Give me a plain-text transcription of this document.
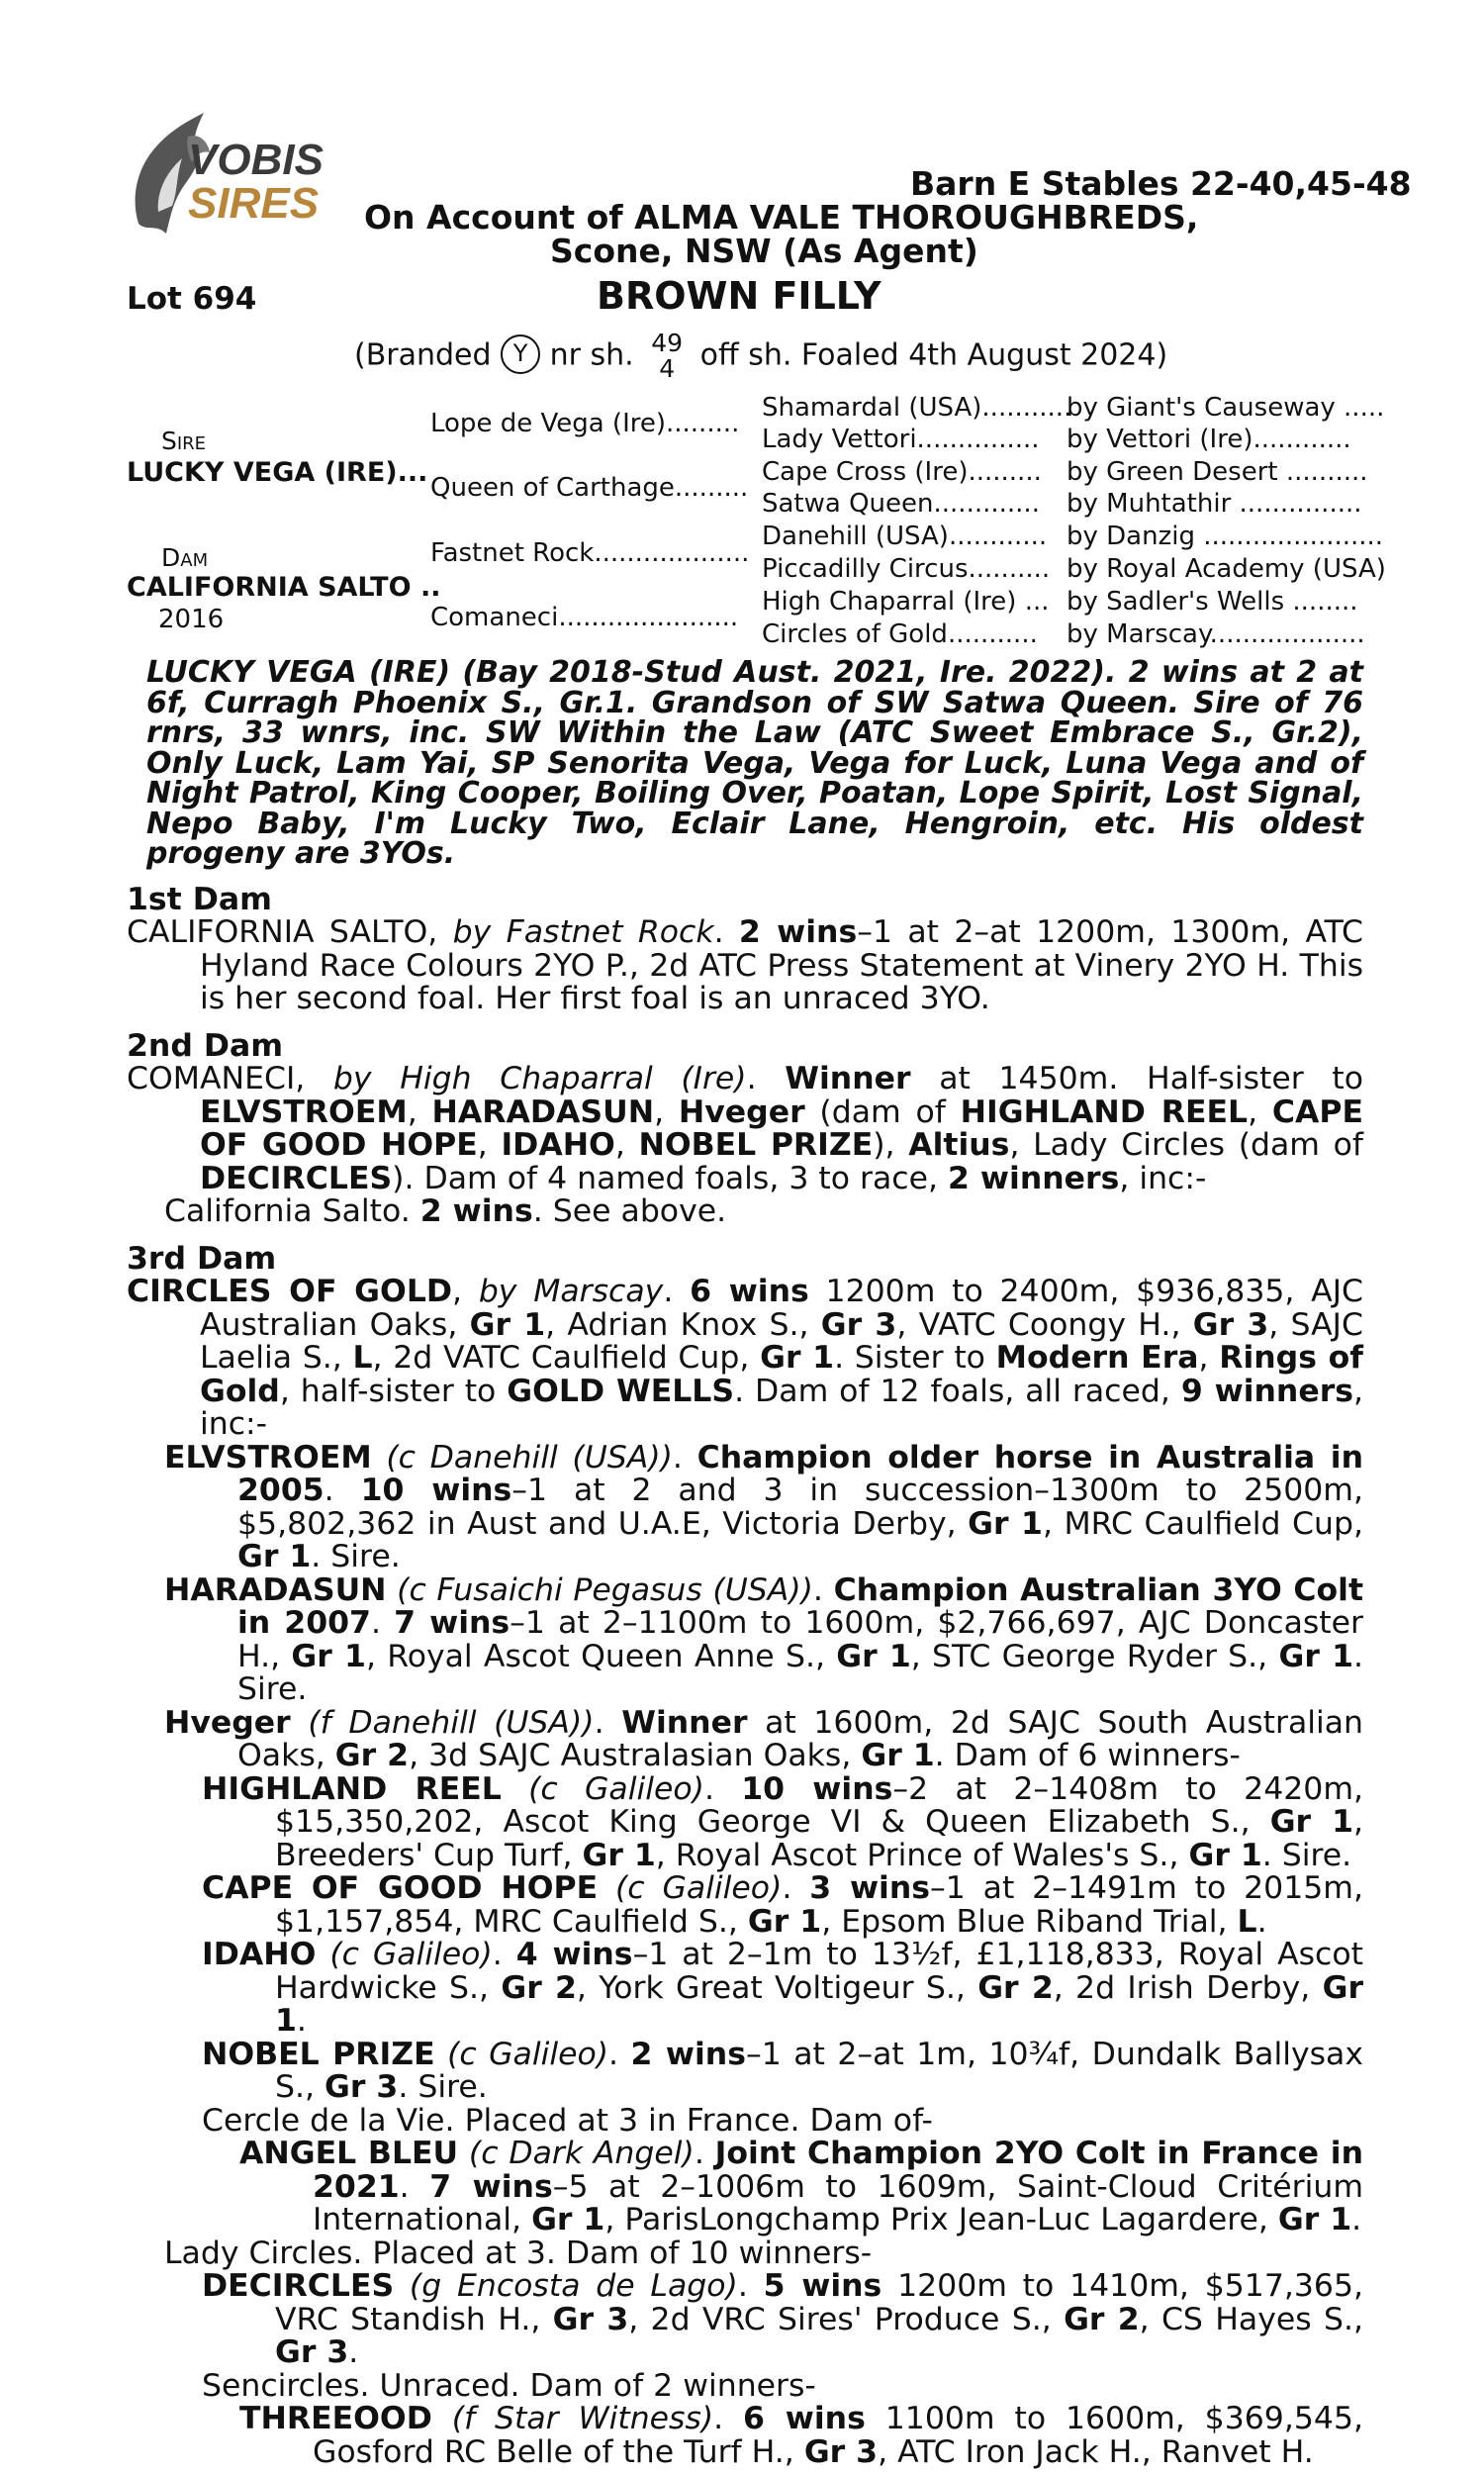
VOBIS
SIRES	Barn E Stables 22-40,45-48
On Account of ALMA VALE THOROUGHBREDS,
Scone, NSW (As Agent)
Lot 694	BROWN FILLY
(Branded Y nr sh. 49
4 off sh. Foaled 4th August 2024)
Sire
LUCKY VEGA (IRE)...
Dam
CALIFORNIA SALTO ..
2016
Lope de Vega (Ire).........
Queen of Carthage.........
Fastnet Rock...................
Comaneci......................
Shamardal (USA)...........
Lady Vettori...............
Cape Cross (Ire).........
Satwa Queen.............
Danehill (USA)............
Piccadilly Circus..........
High Chaparral (Ire) ...
Circles of Gold...........
by Giant's Causeway .....
by Vettori (Ire)............
by Green Desert ..........
by Muhtathir ...............
by Danzig ......................
by Royal Academy (USA)
by Sadler's Wells ........
by Marscay...................

LUCKY VEGA (IRE) (Bay 2018-Stud Aust. 2021, Ire. 2022). 2 wins at 2 at 6f, Curragh Phoenix S., Gr.1. Grandson of SW Satwa Queen. Sire of 76 rnrs, 33 wnrs, inc. SW Within the Law (ATC Sweet Embrace S., Gr.2), Only Luck, Lam Yai, SP Senorita Vega, Vega for Luck, Luna Vega and of Night Patrol, King Cooper, Boiling Over, Poatan, Lope Spirit, Lost Signal, Nepo Baby, I'm Lucky Two, Eclair Lane, Hengroin, etc. His oldest progeny are 3YOs.

1st Dam

CALIFORNIA SALTO, by Fastnet Rock. 2 wins–1 at 2–at 1200m, 1300m, ATC Hyland Race Colours 2YO P., 2d ATC Press Statement at Vinery 2YO H. This is her second foal. Her first foal is an unraced 3YO.

2nd Dam

COMANECI, by High Chaparral (Ire). Winner at 1450m. Half-sister to ELVSTROEM, HARADASUN, Hveger (dam of HIGHLAND REEL, CAPE OF GOOD HOPE, IDAHO, NOBEL PRIZE), Altius, Lady Circles (dam of DECIRCLES). Dam of 4 named foals, 3 to race, 2 winners, inc:-

California Salto. 2 wins. See above.

3rd Dam

CIRCLES OF GOLD, by Marscay. 6 wins 1200m to 2400m, $936,835, AJC Australian Oaks, Gr 1, Adrian Knox S., Gr 3, VATC Coongy H., Gr 3, SAJC Laelia S., L, 2d VATC Caulfield Cup, Gr 1. Sister to Modern Era, Rings of Gold, half-sister to GOLD WELLS. Dam of 12 foals, all raced, 9 winners, inc:-

ELVSTROEM (c Danehill (USA)). Champion older horse in Australia in 2005. 10 wins–1 at 2 and 3 in succession–1300m to 2500m, $5,802,362 in Aust and U.A.E, Victoria Derby, Gr 1, MRC Caulfield Cup, Gr 1. Sire.

HARADASUN (c Fusaichi Pegasus (USA)). Champion Australian 3YO Colt in 2007. 7 wins–1 at 2–1100m to 1600m, $2,766,697, AJC Doncaster H., Gr 1, Royal Ascot Queen Anne S., Gr 1, STC George Ryder S., Gr 1. Sire.

Hveger (f Danehill (USA)). Winner at 1600m, 2d SAJC South Australian Oaks, Gr 2, 3d SAJC Australasian Oaks, Gr 1. Dam of 6 winners-

HIGHLAND REEL (c Galileo). 10 wins–2 at 2–1408m to 2420m, $15,350,202, Ascot King George VI & Queen Elizabeth S., Gr 1, Breeders' Cup Turf, Gr 1, Royal Ascot Prince of Wales's S., Gr 1. Sire.

CAPE OF GOOD HOPE (c Galileo). 3 wins–1 at 2–1491m to 2015m, $1,157,854, MRC Caulfield S., Gr 1, Epsom Blue Riband Trial, L.

IDAHO (c Galileo). 4 wins–1 at 2–1m to 13½f, £1,118,833, Royal Ascot Hardwicke S., Gr 2, York Great Voltigeur S., Gr 2, 2d Irish Derby, Gr 1.

NOBEL PRIZE (c Galileo). 2 wins–1 at 2–at 1m, 10¾f, Dundalk Ballysax S., Gr 3. Sire.

Cercle de la Vie. Placed at 3 in France. Dam of-

ANGEL BLEU (c Dark Angel). Joint Champion 2YO Colt in France in 2021. 7 wins–5 at 2–1006m to 1609m, Saint-Cloud Critérium International, Gr 1, ParisLongchamp Prix Jean-Luc Lagardere, Gr 1.

Lady Circles. Placed at 3. Dam of 10 winners-

DECIRCLES (g Encosta de Lago). 5 wins 1200m to 1410m, $517,365, VRC Standish H., Gr 3, 2d VRC Sires' Produce S., Gr 2, CS Hayes S., Gr 3.

Sencircles. Unraced. Dam of 2 winners-

THREEOOD (f Star Witness). 6 wins 1100m to 1600m, $369,545, Gosford RC Belle of the Turf H., Gr 3, ATC Iron Jack H., Ranvet H.
